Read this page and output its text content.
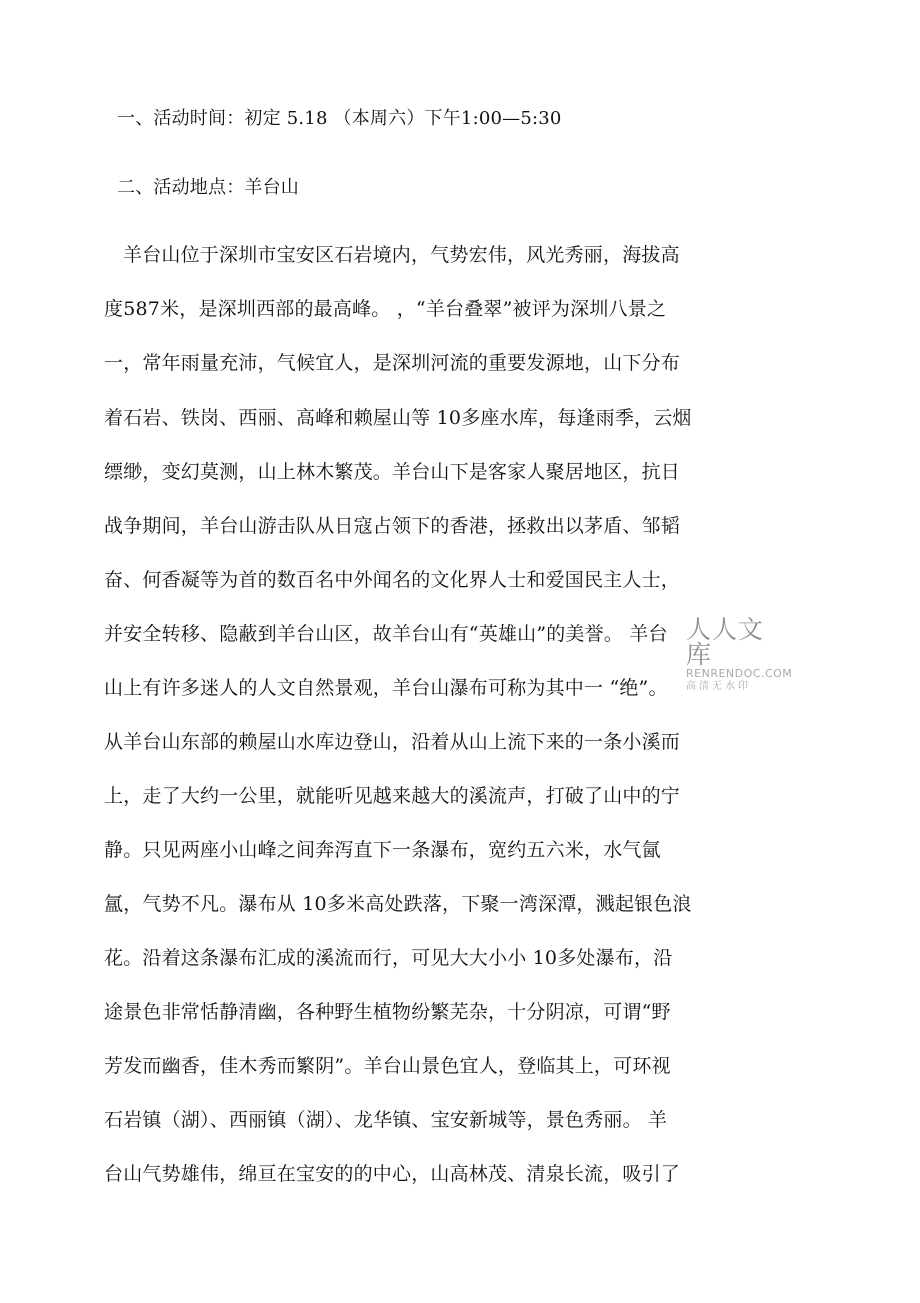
一、活动时间：初定 5.18 （本周六）下午1:00—5:30
二、活动地点：羊台山
羊台山位于深圳市宝安区石岩境内，气势宏伟，风光秀丽，海拔高
度587米，是深圳西部的最高峰。 ，“羊台叠翠”被评为深圳八景之
一，常年雨量充沛，气候宜人，是深圳河流的重要发源地，山下分布
着石岩、铁岗、西丽、高峰和赖屋山等 10多座水库，每逢雨季，云烟
缥缈，变幻莫测，山上林木繁茂。羊台山下是客家人聚居地区，抗日
战争期间，羊台山游击队从日寇占领下的香港，拯救出以茅盾、邹韬
奋、何香凝等为首的数百名中外闻名的文化界人士和爱国民主人士，
并安全转移、隐蔽到羊台山区，故羊台山有“英雄山”的美誉。 羊台
山上有许多迷人的人文自然景观，羊台山瀑布可称为其中一 “绝”。
从羊台山东部的赖屋山水库边登山，沿着从山上流下来的一条小溪而
上，走了大约一公里，就能听见越来越大的溪流声，打破了山中的宁
静。只见两座小山峰之间奔泻直下一条瀑布，宽约五六米，水气氤
氲，气势不凡。瀑布从 10多米高处跌落，下聚一湾深潭，溅起银色浪
花。沿着这条瀑布汇成的溪流而行，可见大大小小 10多处瀑布，沿
途景色非常恬静清幽，各种野生植物纷繁芜杂，十分阴凉，可谓“野
芳发而幽香，佳木秀而繁阴”。羊台山景色宜人，登临其上，可环视
石岩镇（湖）、西丽镇（湖）、龙华镇、宝安新城等，景色秀丽。 羊
台山气势雄伟，绵亘在宝安的的中心，山高林茂、清泉长流，吸引了
人人文库
RENRENDOC.COM
高清无水印
